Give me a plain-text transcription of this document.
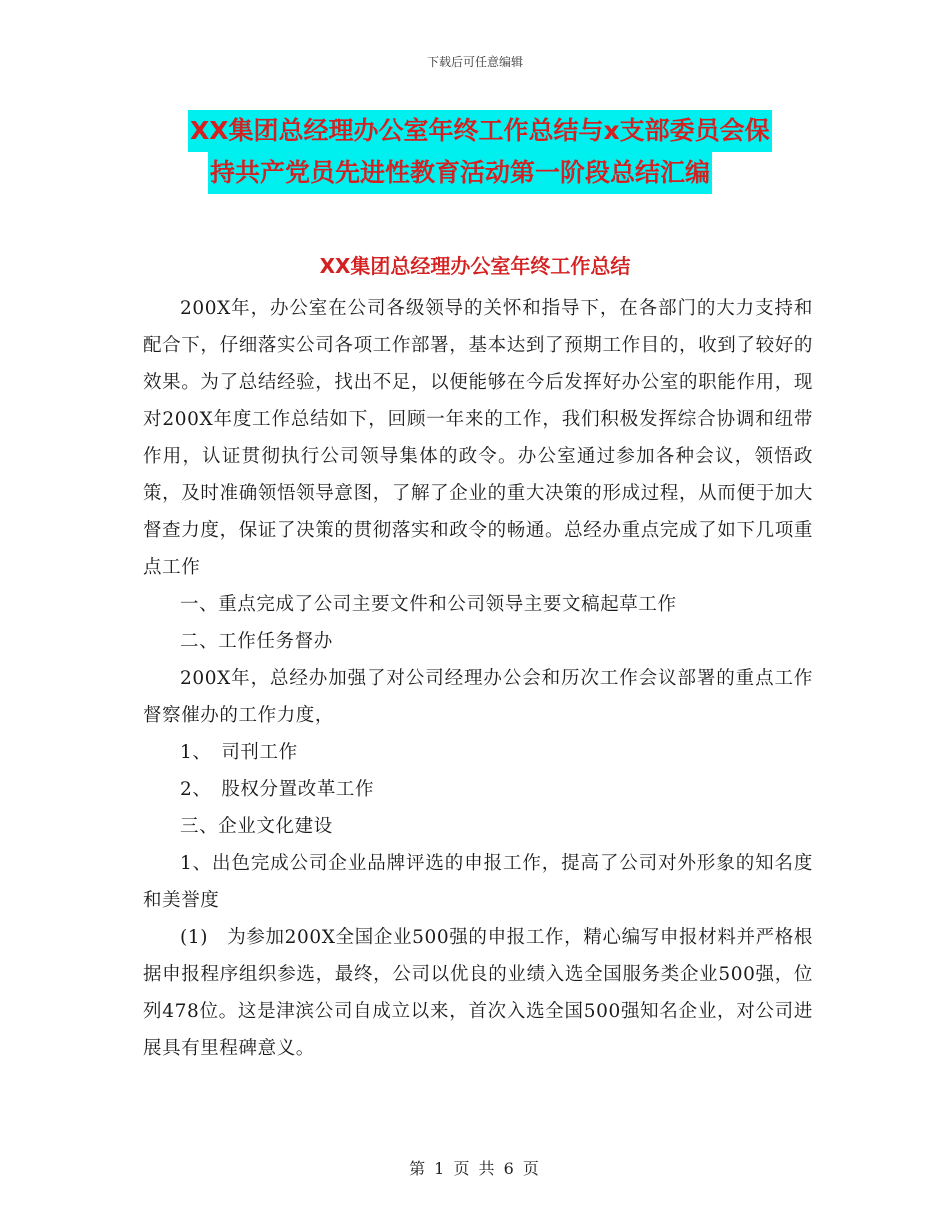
下载后可任意编辑
XX集团总经理办公室年终工作总结与x支部委员会保
持共产党员先进性教育活动第一阶段总结汇编
XX集团总经理办公室年终工作总结

200X年，办公室在公司各级领导的关怀和指导下，在各部门的大力支持和配合下，仔细落实公司各项工作部署，基本达到了预期工作目的，收到了较好的效果。为了总结经验，找出不足，以便能够在今后发挥好办公室的职能作用，现对200X年度工作总结如下，回顾一年来的工作，我们积极发挥综合协调和纽带作用，认证贯彻执行公司领导集体的政令。办公室通过参加各种会议，领悟政策，及时准确领悟领导意图，了解了企业的重大决策的形成过程，从而便于加大督查力度，保证了决策的贯彻落实和政令的畅通。总经办重点完成了如下几项重点工作

一、重点完成了公司主要文件和公司领导主要文稿起草工作

二、工作任务督办

200X年，总经办加强了对公司经理办公会和历次工作会议部署的重点工作督察催办的工作力度，

1、　司刊工作

2、　股权分置改革工作

三、企业文化建设

1、出色完成公司企业品牌评选的申报工作，提高了公司对外形象的知名度和美誉度

(1)　为参加200X全国企业500强的申报工作，精心编写申报材料并严格根据申报程序组织参选，最终，公司以优良的业绩入选全国服务类企业500强，位列478位。这是津滨公司自成立以来，首次入选全国500强知名企业，对公司进展具有里程碑意义。

第 1 页 共 6 页
